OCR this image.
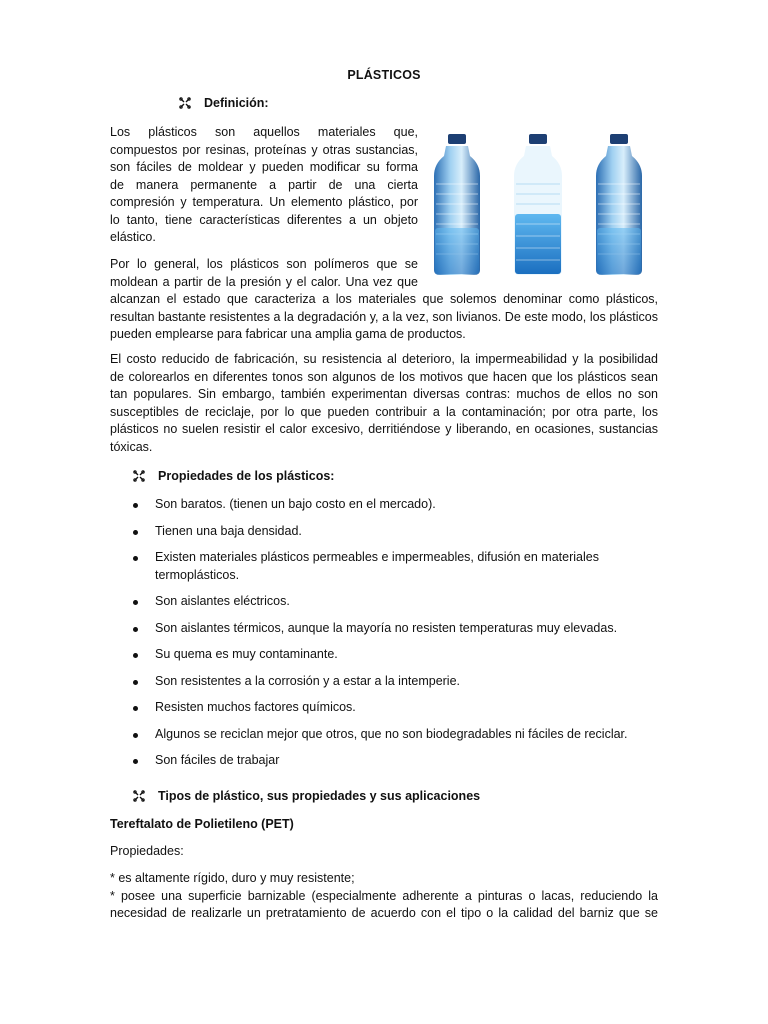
PLÁSTICOS
Definición:
Los plásticos son aquellos materiales que,
compuestos por resinas, proteínas y otras sustancias,
son fáciles de moldear y pueden modificar su forma
de manera permanente a partir de una cierta
compresión y temperatura. Un elemento plástico, por
lo tanto, tiene características diferentes a un objeto
elástico.
Por lo general, los plásticos son polímeros que se
moldean a partir de la presión y el calor. Una vez que
alcanzan el estado que caracteriza a los materiales que solemos denominar como plásticos,
resultan bastante resistentes a la degradación y, a la vez, son livianos. De este modo, los plásticos
pueden emplearse para fabricar una amplia gama de productos.
El costo reducido de fabricación, su resistencia al deterioro, la impermeabilidad y la posibilidad
de colorearlos en diferentes tonos son algunos de los motivos que hacen que los plásticos sean
tan populares. Sin embargo, también experimentan diversas contras: muchos de ellos no son
susceptibles de reciclaje, por lo que pueden contribuir a la contaminación; por otra parte, los
plásticos no suelen resistir el calor excesivo, derritiéndose y liberando, en ocasiones, sustancias
tóxicas.
Propiedades de los plásticos:
Son baratos. (tienen un bajo costo en el mercado).
Tienen una baja densidad.
Existen materiales plásticos permeables e impermeables, difusión en materiales
termoplásticos.
Son aislantes eléctricos.
Son aislantes térmicos, aunque la mayoría no resisten temperaturas muy elevadas.
Su quema es muy contaminante.
Son resistentes a la corrosión y a estar a la intemperie.
Resisten muchos factores químicos.
Algunos se reciclan mejor que otros, que no son biodegradables ni fáciles de reciclar.
Son fáciles de trabajar
Tipos de plástico, sus propiedades y sus aplicaciones
Tereftalato de Polietileno (PET)
Propiedades:
* es altamente rígido, duro y muy resistente;
* posee una superficie barnizable (especialmente adherente a pinturas o lacas, reduciendo la
necesidad de realizarle un pretratamiento de acuerdo con el tipo o la calidad del barniz que se
